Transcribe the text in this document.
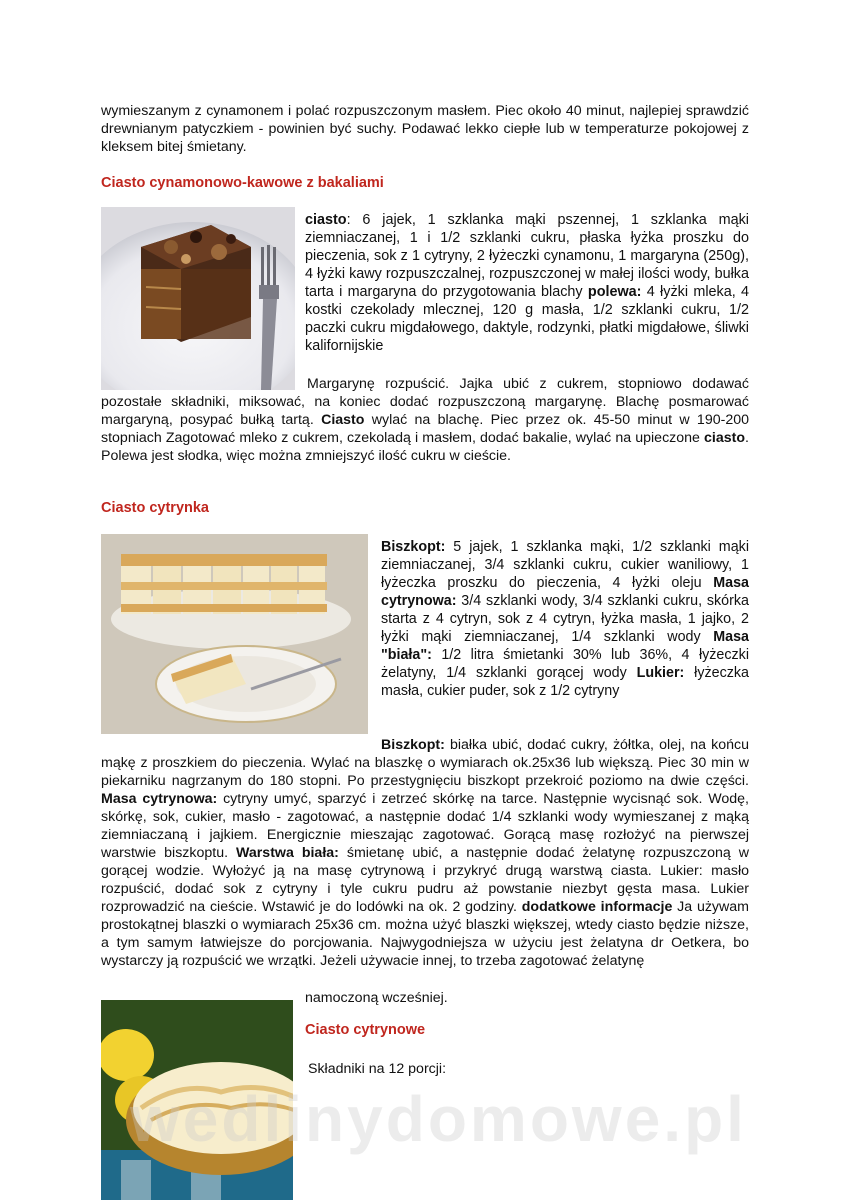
wymieszanym z cynamonem i polać rozpuszczonym masłem. Piec około 40 minut, najlepiej sprawdzić drewnianym patyczkiem - powinien być suchy. Podawać lekko ciepłe lub w temperaturze pokojowej z kleksem bitej śmietany.

Ciasto cynamonowo-kawowe z bakaliami

ciasto: 6 jajek, 1 szklanka mąki pszennej, 1 szklanka mąki ziemniaczanej, 1 i 1/2 szklanki cukru, płaska łyżka proszku do pieczenia, sok z 1 cytryny, 2 łyżeczki cynamonu, 1 margaryna (250g), 4 łyżki kawy rozpuszczalnej, rozpuszczonej w małej ilości wody, bułka tarta i margaryna do przygotowania blachy polewa: 4 łyżki mleka, 4 kostki czekolady mlecznej, 120 g masła, 1/2 szklanki cukru, 1/2 paczki cukru migdałowego, daktyle, rodzynki, płatki migdałowe, śliwki kalifornijskie

Margarynę rozpuścić. Jajka ubić z cukrem, stopniowo dodawać pozostałe składniki, miksować, na koniec dodać rozpuszczoną margarynę. Blachę posmarować margaryną, posypać bułką tartą. Ciasto wylać na blachę. Piec przez ok. 45-50 minut w 190-200 stopniach Zagotować mleko z cukrem, czekoladą i masłem, dodać bakalie, wylać na upieczone ciasto. Polewa jest słodka, więc można zmniejszyć ilość cukru w cieście.

Ciasto cytrynka

Biszkopt: 5 jajek, 1 szklanka mąki, 1/2 szklanki mąki ziemniaczanej, 3/4 szklanki cukru, cukier waniliowy, 1 łyżeczka proszku do pieczenia, 4 łyżki oleju Masa cytrynowa: 3/4 szklanki wody, 3/4 szklanki cukru, skórka starta z 4 cytryn, sok z 4 cytryn, łyżka masła, 1 jajko, 2 łyżki mąki ziemniaczanej, 1/4 szklanki wody Masa "biała": 1/2 litra śmietanki 30% lub 36%, 4 łyżeczki żelatyny, 1/4 szklanki gorącej wody Lukier: łyżeczka masła, cukier puder, sok z 1/2 cytryny

Biszkopt: białka ubić, dodać cukry, żółtka, olej, na końcu mąkę z proszkiem do pieczenia. Wylać na blaszkę o wymiarach ok.25x36 lub większą. Piec 30 min w piekarniku nagrzanym do 180 stopni. Po przestygnięciu biszkopt przekroić poziomo na dwie części. Masa cytrynowa: cytryny umyć, sparzyć i zetrzeć skórkę na tarce. Następnie wycisnąć sok. Wodę, skórkę, sok, cukier, masło - zagotować, a następnie dodać 1/4 szklanki wody wymieszanej z mąką ziemniaczaną i jajkiem. Energicznie mieszając zagotować. Gorącą masę rozłożyć na pierwszej warstwie biszkoptu. Warstwa biała: śmietanę ubić, a następnie dodać żelatynę rozpuszczoną w gorącej wodzie. Wyłożyć ją na masę cytrynową i przykryć drugą warstwą ciasta. Lukier: masło rozpuścić, dodać sok z cytryny i tyle cukru pudru aż powstanie niezbyt gęsta masa. Lukier rozprowadzić na cieście. Wstawić je do lodówki na ok. 2 godziny. dodatkowe informacje Ja używam prostokątnej blaszki o wymiarach 25x36 cm. można użyć blaszki większej, wtedy ciasto będzie niższe, a tym samym łatwiejsze do porcjowania. Najwygodniejsza w użyciu jest żelatyna dr Oetkera, bo wystarczy ją rozpuścić we wrzątki. Jeżeli używacie innej, to trzeba zagotować żelatynę

namoczoną wcześniej.

Ciasto cytrynowe

Składniki na 12 porcji:

wedlinydomowe.pl
